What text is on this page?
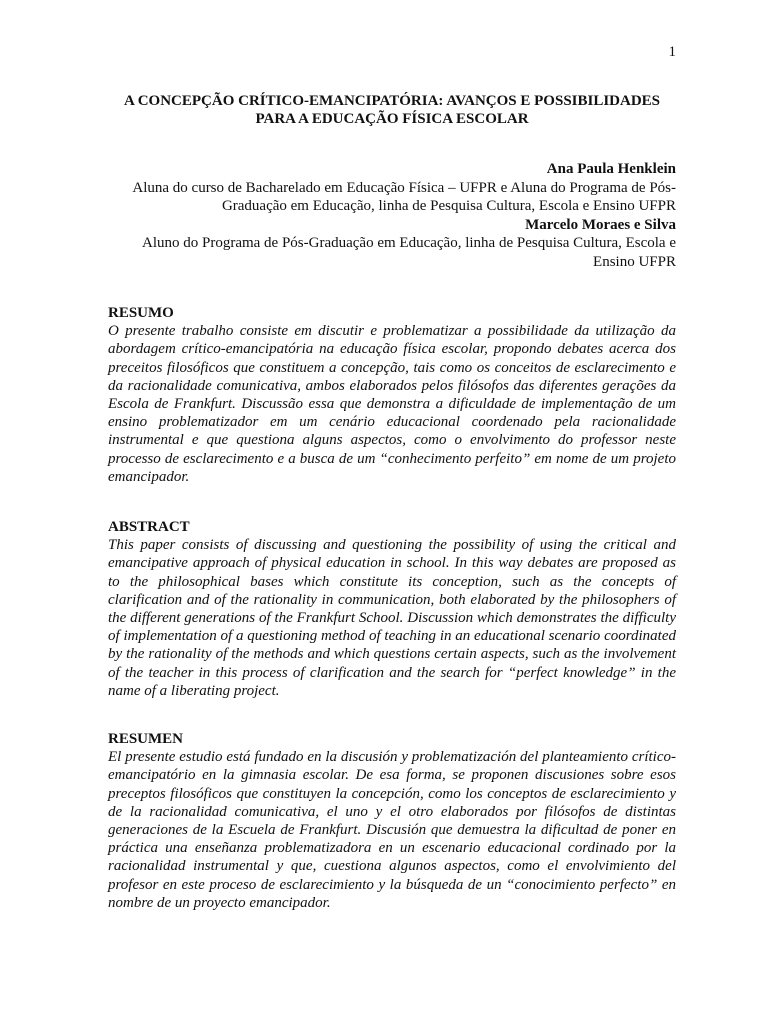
1
A CONCEPÇÃO CRÍTICO-EMANCIPATÓRIA: AVANÇOS E POSSIBILIDADES
PARA A EDUCAÇÃO FÍSICA ESCOLAR
Ana Paula Henklein
Aluna do curso de Bacharelado em Educação Física – UFPR e Aluna do Programa de Pós-Graduação em Educação, linha de Pesquisa Cultura, Escola e Ensino UFPR
Marcelo Moraes e Silva
Aluno do Programa de Pós-Graduação em Educação, linha de Pesquisa Cultura, Escola e Ensino UFPR
RESUMO
O presente trabalho consiste em discutir e problematizar a possibilidade da utilização da abordagem crítico-emancipatória na educação física escolar, propondo debates acerca dos preceitos filosóficos que constituem a concepção, tais como os conceitos de esclarecimento e da racionalidade comunicativa, ambos elaborados pelos filósofos das diferentes gerações da Escola de Frankfurt. Discussão essa que demonstra a dificuldade de implementação de um ensino problematizador em um cenário educacional coordenado pela racionalidade instrumental e que questiona alguns aspectos, como o envolvimento do professor neste processo de esclarecimento e a busca de um “conhecimento perfeito” em nome de um projeto emancipador.
ABSTRACT
This paper consists of discussing and questioning the possibility of using the critical and emancipative approach of physical education in school. In this way debates are proposed as to the philosophical bases which constitute its conception, such as the concepts of clarification and of the rationality in communication, both elaborated by the philosophers of the different generations of the Frankfurt School. Discussion which demonstrates the difficulty of implementation of a questioning method of teaching in an educational scenario coordinated by the rationality of the methods and which questions certain aspects, such as the involvement of the teacher in this process of clarification and the search for “perfect knowledge” in the name of a liberating project.
RESUMEN
El presente estudio está fundado en la discusión y problematización del planteamiento crítico-emancipatório en la gimnasia escolar. De esa forma, se proponen discusiones sobre esos preceptos filosóficos que constituyen la concepción, como los conceptos de esclarecimiento y de la racionalidad comunicativa, el uno y el otro elaborados por filósofos de distintas generaciones de la Escuela de Frankfurt. Discusión que demuestra la dificultad de poner en práctica una enseñanza problematizadora en un escenario educacional cordinado por la racionalidad instrumental y que, cuestiona algunos aspectos, como el envolvimiento del profesor en este proceso de esclarecimiento y la búsqueda de un “conocimiento perfecto” en nombre de un proyecto emancipador.
